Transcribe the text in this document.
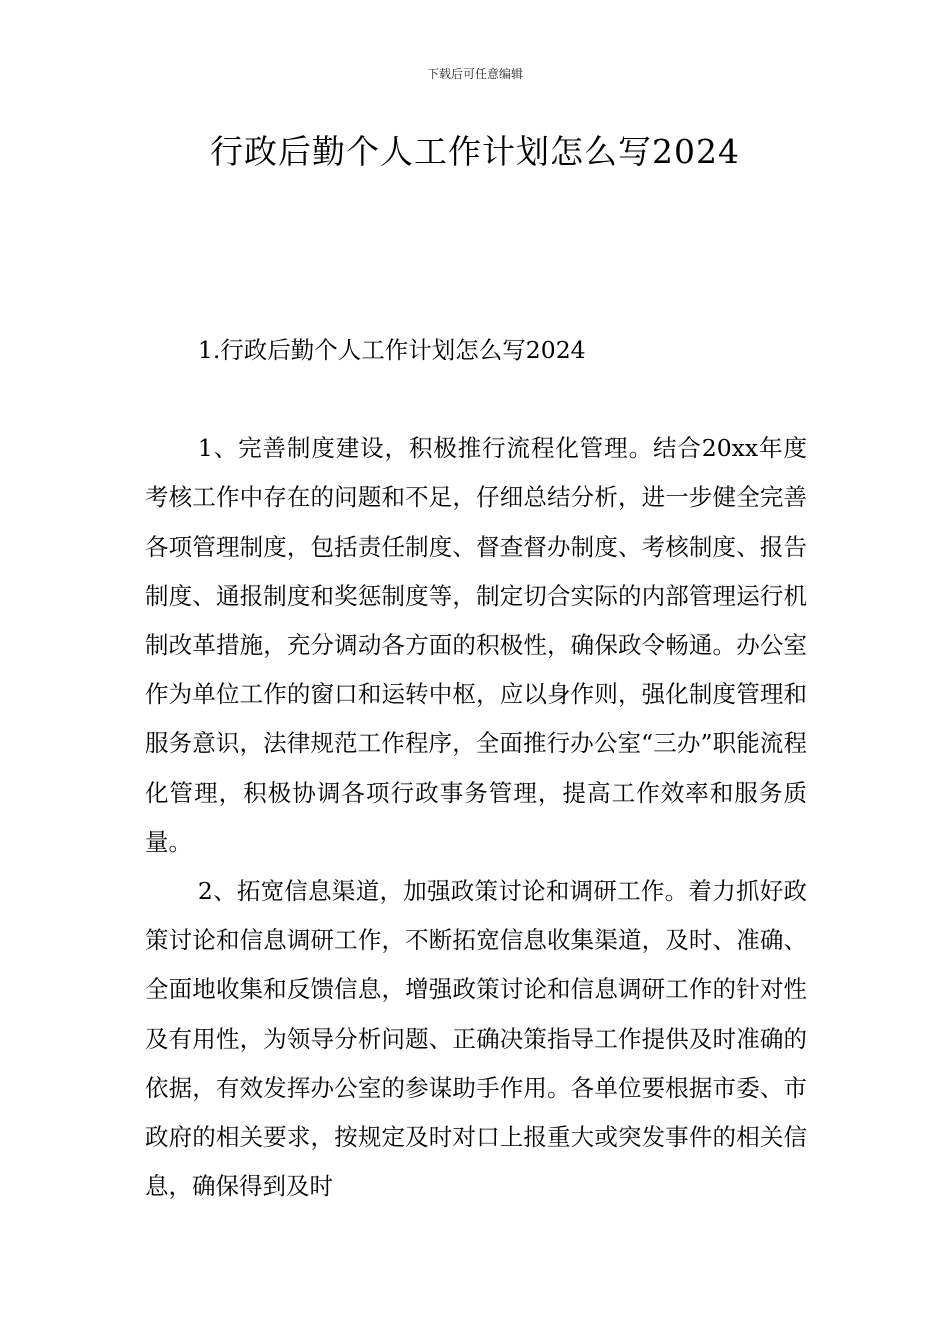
下载后可任意编辑
行政后勤个人工作计划怎么写2024

1.行政后勤个人工作计划怎么写2024

1、完善制度建设，积极推行流程化管理。结合20xx年度考核工作中存在的问题和不足，仔细总结分析，进一步健全完善各项管理制度，包括责任制度、督查督办制度、考核制度、报告制度、通报制度和奖惩制度等，制定切合实际的内部管理运行机制改革措施，充分调动各方面的积极性，确保政令畅通。办公室作为单位工作的窗口和运转中枢，应以身作则，强化制度管理和服务意识，法律规范工作程序，全面推行办公室“三办”职能流程化管理，积极协调各项行政事务管理，提高工作效率和服务质量。

2、拓宽信息渠道，加强政策讨论和调研工作。着力抓好政策讨论和信息调研工作，不断拓宽信息收集渠道，及时、准确、全面地收集和反馈信息，增强政策讨论和信息调研工作的针对性及有用性，为领导分析问题、正确决策指导工作提供及时准确的依据，有效发挥办公室的参谋助手作用。各单位要根据市委、市政府的相关要求，按规定及时对口上报重大或突发事件的相关信息，确保得到及时
